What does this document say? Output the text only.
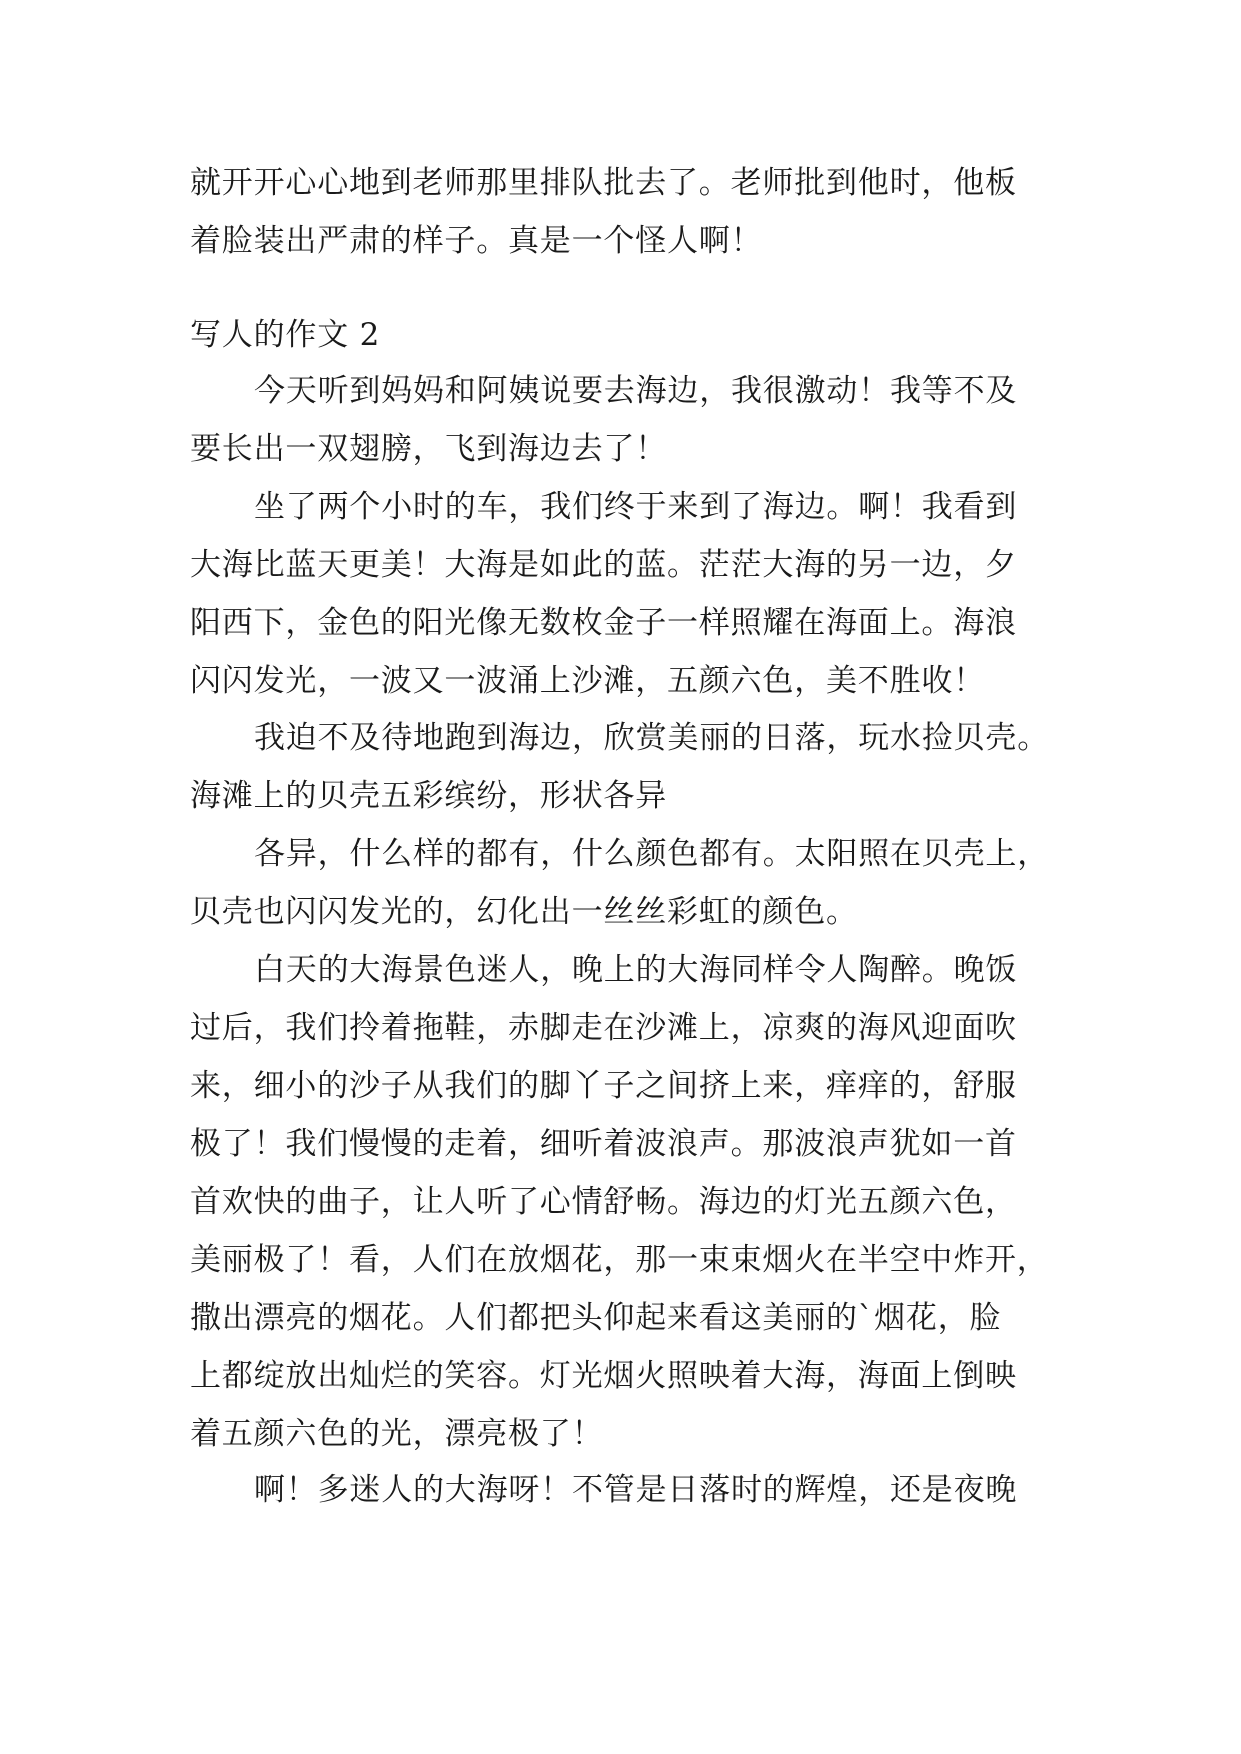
就开开心心地到老师那里排队批去了。老师批到他时，他板

着脸装出严肃的样子。真是一个怪人啊！

写人的作文 2

今天听到妈妈和阿姨说要去海边，我很激动！我等不及

要长出一双翅膀，飞到海边去了！

坐了两个小时的车，我们终于来到了海边。啊！我看到

大海比蓝天更美！大海是如此的蓝。茫茫大海的另一边，夕

阳西下，金色的阳光像无数枚金子一样照耀在海面上。海浪

闪闪发光，一波又一波涌上沙滩，五颜六色，美不胜收！

我迫不及待地跑到海边，欣赏美丽的日落，玩水捡贝壳。

海滩上的贝壳五彩缤纷，形状各异

各异，什么样的都有，什么颜色都有。太阳照在贝壳上，

贝壳也闪闪发光的，幻化出一丝丝彩虹的颜色。

白天的大海景色迷人，晚上的大海同样令人陶醉。晚饭

过后，我们拎着拖鞋，赤脚走在沙滩上，凉爽的海风迎面吹

来，细小的沙子从我们的脚丫子之间挤上来，痒痒的，舒服

极了！我们慢慢的走着，细听着波浪声。那波浪声犹如一首

首欢快的曲子，让人听了心情舒畅。海边的灯光五颜六色，

美丽极了！看，人们在放烟花，那一束束烟火在半空中炸开，

撒出漂亮的烟花。人们都把头仰起来看这美丽的`烟花，脸

上都绽放出灿烂的笑容。灯光烟火照映着大海，海面上倒映

着五颜六色的光，漂亮极了！

啊！多迷人的大海呀！不管是日落时的辉煌，还是夜晚
